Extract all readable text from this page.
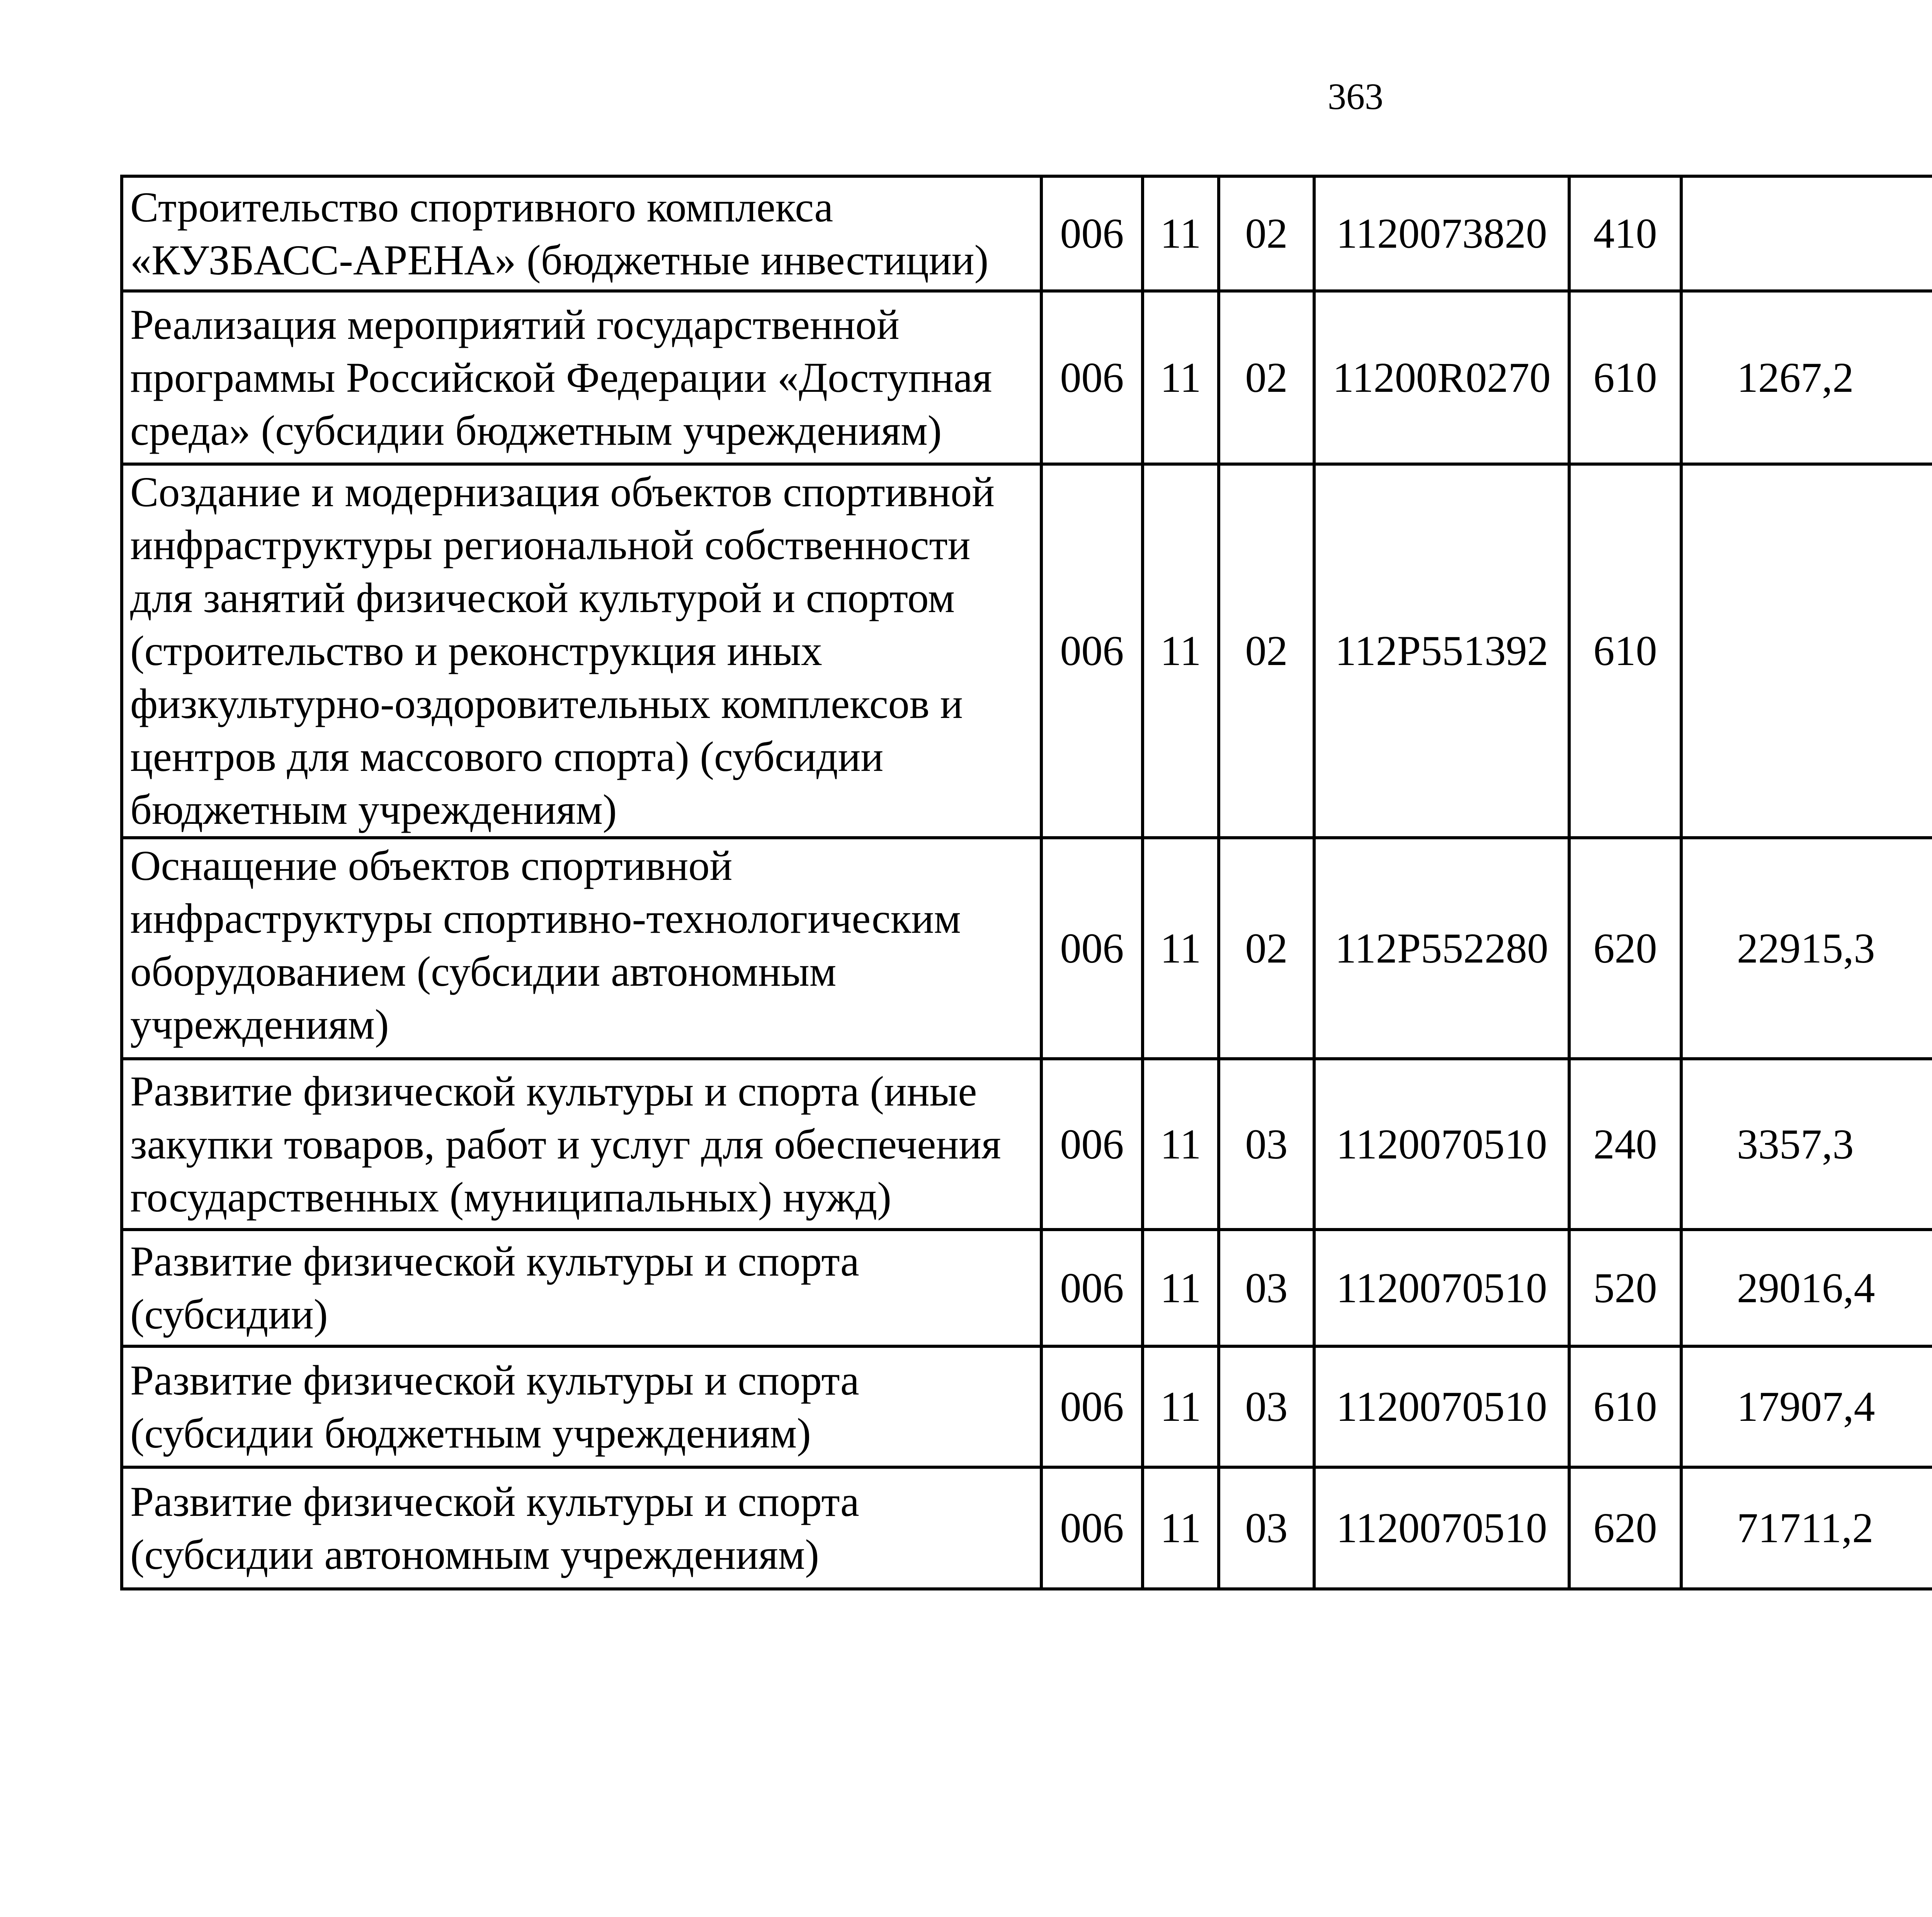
363
Строительство спортивного комплекса «КУЗБАСС-АРЕНА» (бюджетные инвестиции)	006	11	02	1120073820	410			
Реализация мероприятий государственной программы Российской Федерации «Доступная среда» (субсидии бюджетным учреждениям)	006	11	02	11200R0270	610	1267,2		
Создание и модернизация объектов спортивной инфраструктуры региональной собственности для занятий физической культурой и спортом (строительство и реконструкция иных физкультурно-оздоровительных комплексов и центров для массового спорта) (субсидии бюджетным учреждениям)	006	11	02	112P551392	610			
Оснащение объектов спортивной инфраструктуры спортивно-технологическим оборудованием (субсидии автономным учреждениям)	006	11	02	112P552280	620	22915,3		
Развитие физической культуры и спорта (иные закупки товаров, работ и услуг для обеспечения государственных (муниципальных) нужд)	006	11	03	1120070510	240	3357,3		
Развитие физической культуры и спорта (субсидии)	006	11	03	1120070510	520	29016,4		
Развитие физической культуры и спорта (субсидии бюджетным учреждениям)	006	11	03	1120070510	610	17907,4		
Развитие физической культуры и спорта (субсидии автономным учреждениям)	006	11	03	1120070510	620	71711,2		
